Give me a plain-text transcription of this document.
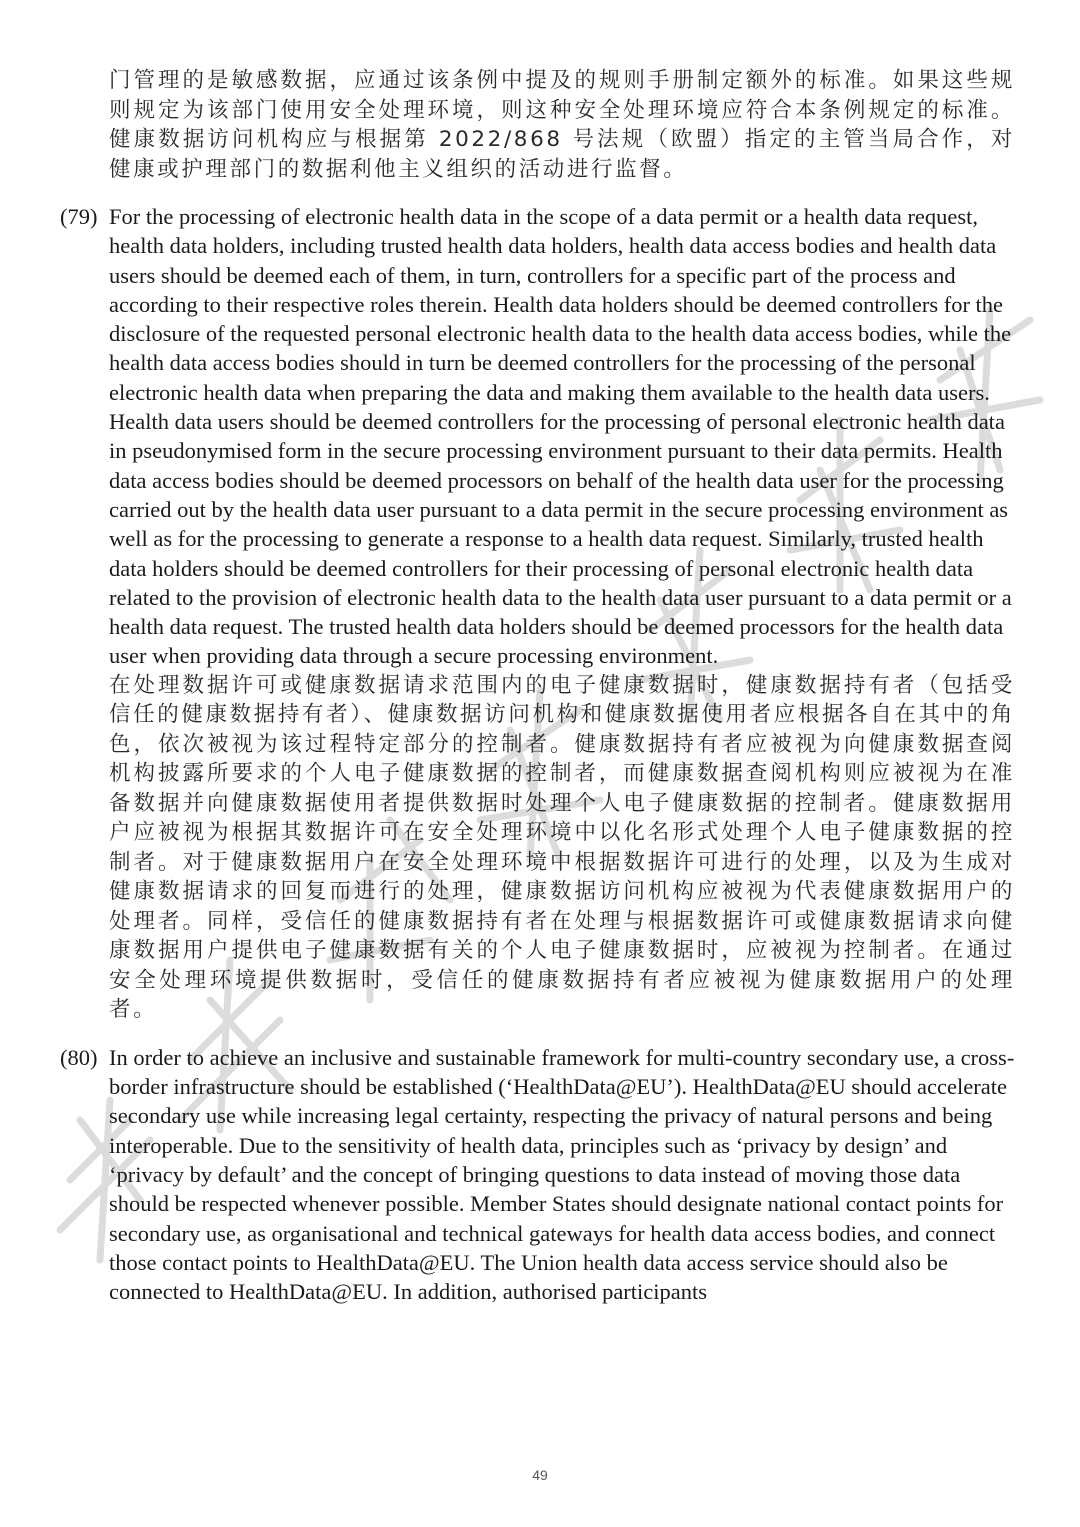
门管理的是敏感数据，应通过该条例中提及的规则手册制定额外的标准。如果这些规则规定为该部门使用安全处理环境，则这种安全处理环境应符合本条例规定的标准。健康数据访问机构应与根据第 2022/868 号法规（欧盟）指定的主管当局合作，对健康或护理部门的数据利他主义组织的活动进行监督。

(79) For the processing of electronic health data in the scope of a data permit or a health data request, health data holders, including trusted health data holders, health data access bodies and health data users should be deemed each of them, in turn, controllers for a specific part of the process and according to their respective roles therein. Health data holders should be deemed controllers for the disclosure of the requested personal electronic health data to the health data access bodies, while the health data access bodies should in turn be deemed controllers for the processing of the personal electronic health data when preparing the data and making them available to the health data users. Health data users should be deemed controllers for the processing of personal electronic health data in pseudonymised form in the secure processing environment pursuant to their data permits. Health data access bodies should be deemed processors on behalf of the health data user for the processing carried out by the health data user pursuant to a data permit in the secure processing environment as well as for the processing to generate a response to a health data request. Similarly, trusted health data holders should be deemed controllers for their processing of personal electronic health data related to the provision of electronic health data to the health data user pursuant to a data permit or a health data request. The trusted health data holders should be deemed processors for the health data user when providing data through a secure processing environment.

在处理数据许可或健康数据请求范围内的电子健康数据时，健康数据持有者（包括受信任的健康数据持有者）、健康数据访问机构和健康数据使用者应根据各自在其中的角色，依次被视为该过程特定部分的控制者。健康数据持有者应被视为向健康数据查阅机构披露所要求的个人电子健康数据的控制者，而健康数据查阅机构则应被视为在准备数据并向健康数据使用者提供数据时处理个人电子健康数据的控制者。健康数据用户应被视为根据其数据许可在安全处理环境中以化名形式处理个人电子健康数据的控 制者。对于健康数据用户在安全处理环境中根据数据许可进行的处理，以及为生成对健康数据请求的回复而进行的处理，健康数据访问机构应被视为代表健康数据用户的处理者。同样，受信任的健康数据持有者在处理与根据数据许可或健康数据请求向健康数据用户提供电子健康数据有关的个人电子健康数据时，应被视为控制者。在通过安全处理环境提供数据时，受信任的健康数据持有者应被视为健康数据用户的处理者。

(80) In order to achieve an inclusive and sustainable framework for multi-country secondary use, a cross-border infrastructure should be established (‘HealthData@EU’). HealthData@EU should accelerate secondary use while increasing legal certainty, respecting the privacy of natural persons and being interoperable. Due to the sensitivity of health data, principles such as ‘privacy by design’ and ‘privacy by default’ and the concept of bringing questions to data instead of moving those data should be respected whenever possible. Member States should designate national contact points for secondary use, as organisational and technical gateways for health data access bodies, and connect those contact points to HealthData@EU. The Union health data access service should also be connected to HealthData@EU. In addition, authorised participants

49
